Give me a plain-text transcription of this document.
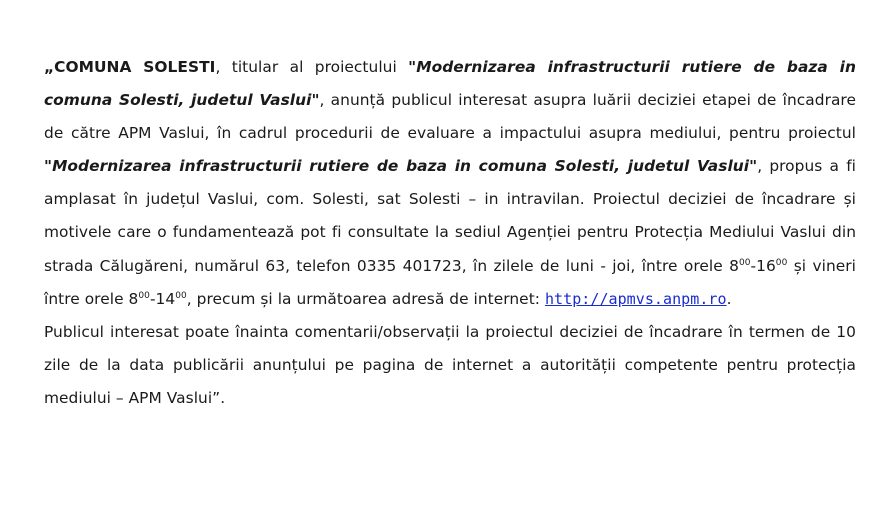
„COMUNA SOLESTI, titular al proiectului "Modernizarea infrastructurii rutiere de baza in comuna Solesti, judetul Vaslui", anunță publicul interesat asupra luării deciziei etapei de încadrare de către APM Vaslui, în cadrul procedurii de evaluare a impactului asupra mediului, pentru proiectul "Modernizarea infrastructurii rutiere de baza in comuna Solesti, judetul Vaslui", propus a fi amplasat în județul Vaslui, com. Solesti, sat Solesti – in intravilan. Proiectul deciziei de încadrare și motivele care o fundamentează pot fi consultate la sediul Agenției pentru Protecția Mediului Vaslui din strada Călugăreni, numărul 63, telefon 0335 401723, în zilele de luni - joi, între orele $8^{00}-16^{00}$ și vineri între orele $8^{00}-14^{00}$, precum și la următoarea adresă de internet: http://apmvs.anpm.ro.

Publicul interesat poate înainta comentarii/observații la proiectul deciziei de încadrare în termen de 10 zile de la data publicării anunțului pe pagina de internet a autorității competente pentru protecția mediului – APM Vaslui”.
